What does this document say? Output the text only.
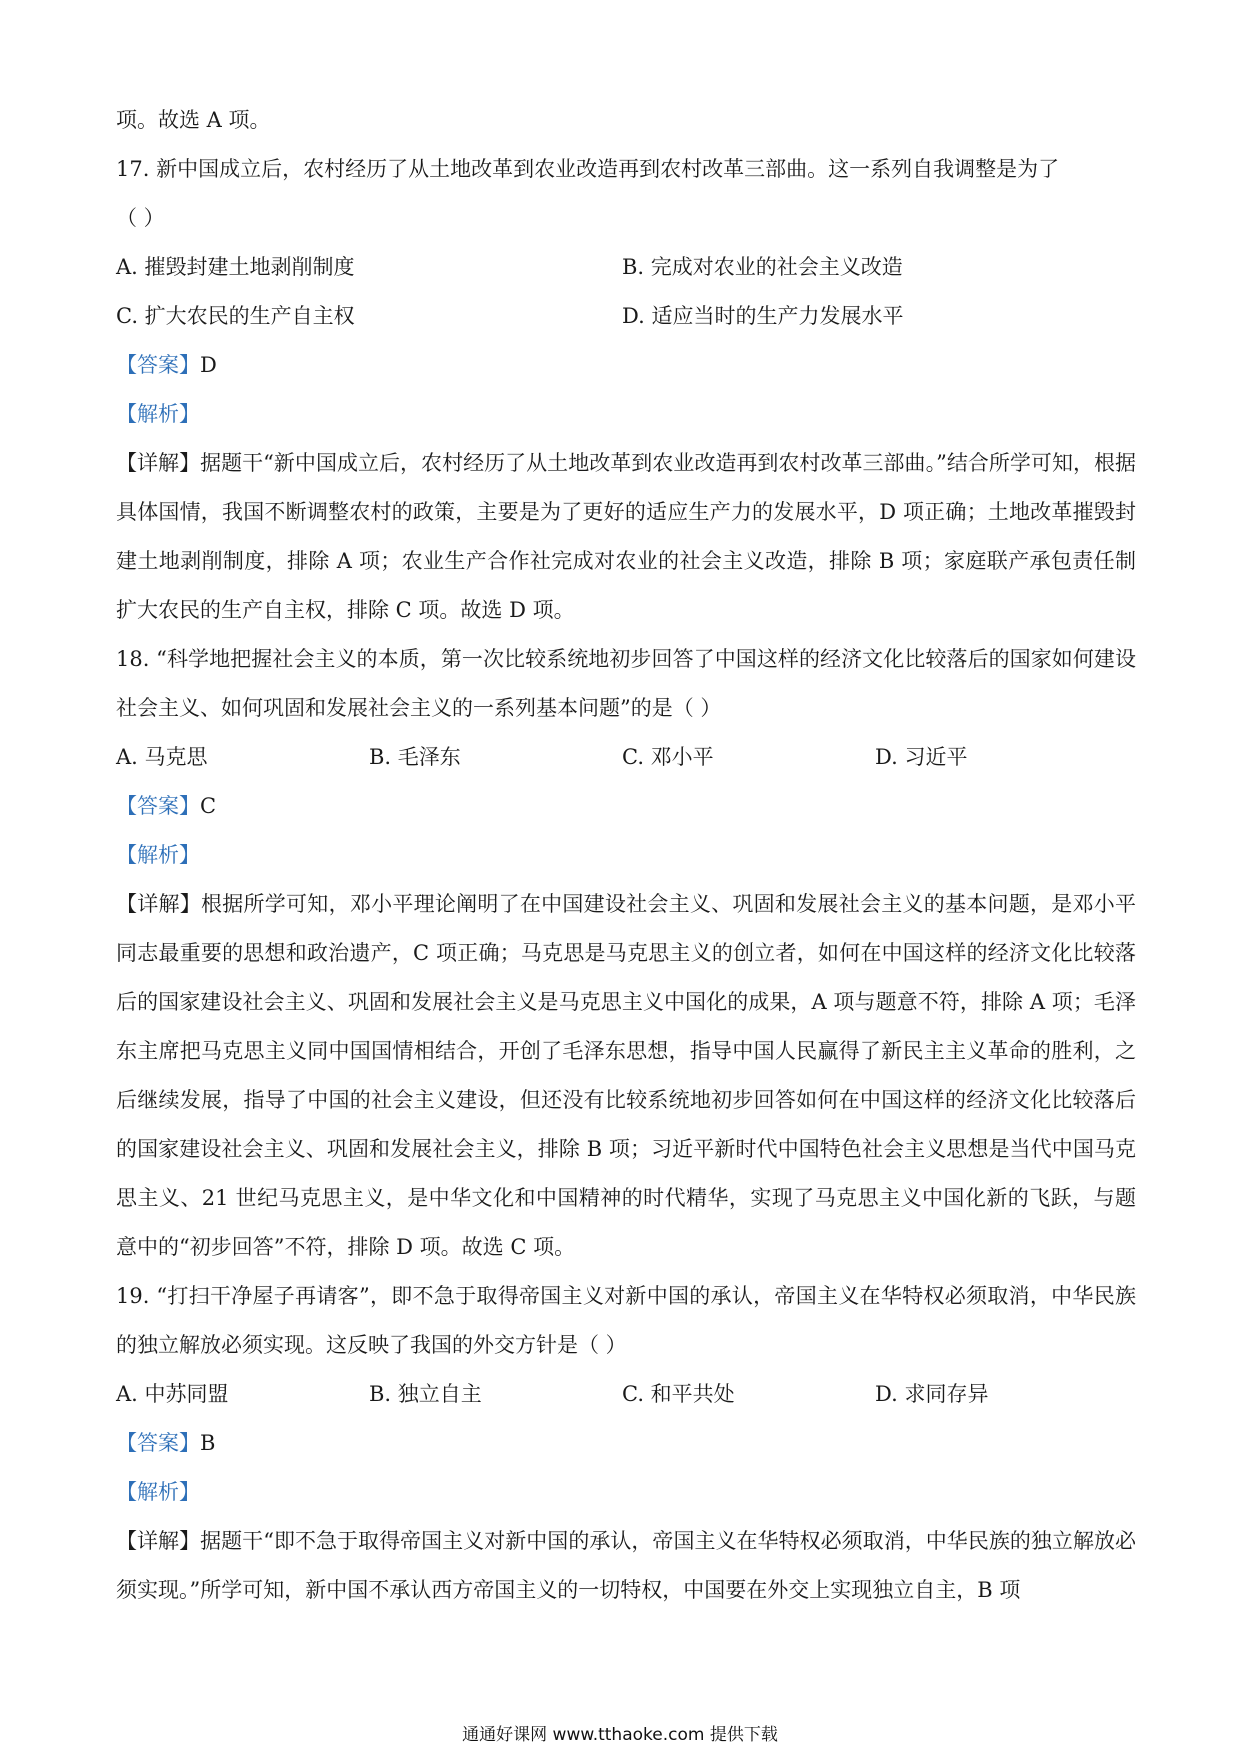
项。故选 A 项。
17. 新中国成立后，农村经历了从土地改革到农业改造再到农村改革三部曲。这一系列自我调整是为了
（ ）
A. 摧毁封建土地剥削制度	B. 完成对农业的社会主义改造
C. 扩大农民的生产自主权	D. 适应当时的生产力发展水平
【答案】D
【解析】
【详解】据题干“新中国成立后，农村经历了从土地改革到农业改造再到农村改革三部曲。”结合所学可知，根据具体国情，我国不断调整农村的政策，主要是为了更好的适应生产力的发展水平，D 项正确；土地改革摧毁封建土地剥削制度，排除 A 项；农业生产合作社完成对农业的社会主义改造，排除 B 项；家庭联产承包责任制扩大农民的生产自主权，排除 C 项。故选 D 项。
18. “科学地把握社会主义的本质，第一次比较系统地初步回答了中国这样的经济文化比较落后的国家如何建设社会主义、如何巩固和发展社会主义的一系列基本问题”的是（ ）
A. 马克思	B. 毛泽东	C. 邓小平	D. 习近平
【答案】C
【解析】
【详解】根据所学可知，邓小平理论阐明了在中国建设社会主义、巩固和发展社会主义的基本问题，是邓小平同志最重要的思想和政治遗产，C 项正确；马克思是马克思主义的创立者，如何在中国这样的经济文化比较落后的国家建设社会主义、巩固和发展社会主义是马克思主义中国化的成果，A 项与题意不符，排除 A 项；毛泽东主席把马克思主义同中国国情相结合，开创了毛泽东思想，指导中国人民赢得了新民主主义革命的胜利，之后继续发展，指导了中国的社会主义建设，但还没有比较系统地初步回答如何在中国这样的经济文化比较落后的国家建设社会主义、巩固和发展社会主义，排除 B 项；习近平新时代中国特色社会主义思想是当代中国马克思主义、21 世纪马克思主义，是中华文化和中国精神的时代精华，实现了马克思主义中国化新的飞跃，与题意中的“初步回答”不符，排除 D 项。故选 C 项。
19. “打扫干净屋子再请客”，即不急于取得帝国主义对新中国的承认，帝国主义在华特权必须取消，中华民族的独立解放必须实现。这反映了我国的外交方针是（ ）
A. 中苏同盟	B. 独立自主	C. 和平共处	D. 求同存异
【答案】B
【解析】
【详解】据题干“即不急于取得帝国主义对新中国的承认，帝国主义在华特权必须取消，中华民族的独立解放必须实现。”所学可知，新中国不承认西方帝国主义的一切特权，中国要在外交上实现独立自主，B 项
通通好课网 www.tthaoke.com 提供下载
